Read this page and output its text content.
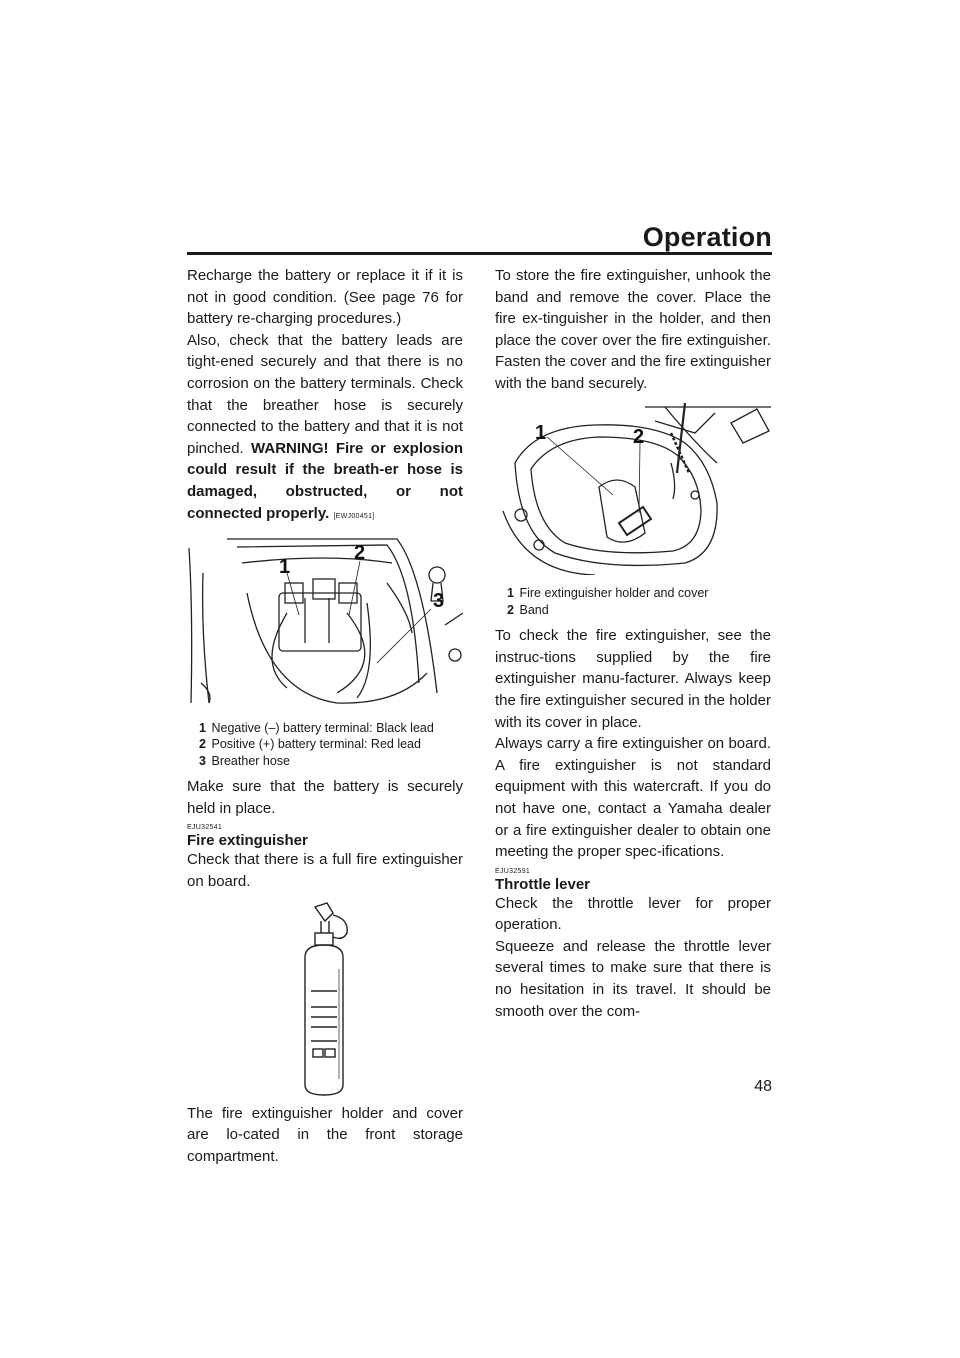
Operation

Recharge the battery or replace it if it is not in good condition. (See page 76 for battery re-charging procedures.)

Also, check that the battery leads are tight-ened securely and that there is no corrosion on the battery terminals. Check that the breather hose is securely connected to the battery and that it is not pinched. WARNING! Fire or explosion could result if the breath-er hose is damaged, obstructed, or not connected properly. [EWJ00451]

1
2
3
1 Negative (–) battery terminal: Black lead
2 Positive (+) battery terminal: Red lead
3 Breather hose

Make sure that the battery is securely held in place.

EJU32541
Fire extinguisher

Check that there is a full fire extinguisher on board.

The fire extinguisher holder and cover are lo-cated in the front storage compartment.

To store the fire extinguisher, unhook the band and remove the cover. Place the fire ex-tinguisher in the holder, and then place the cover over the fire extinguisher. Fasten the cover and the fire extinguisher with the band securely.

1	2
1 Fire extinguisher holder and cover
2 Band

To check the fire extinguisher, see the instruc-tions supplied by the fire extinguisher manu-facturer. Always keep the fire extinguisher secured in the holder with its cover in place.

Always carry a fire extinguisher on board. A fire extinguisher is not standard equipment with this watercraft. If you do not have one, contact a Yamaha dealer or a fire extinguisher dealer to obtain one meeting the proper spec-ifications.

EJU32591
Throttle lever

Check the throttle lever for proper operation.

Squeeze and release the throttle lever several times to make sure that there is no hesitation in its travel. It should be smooth over the com-

48
